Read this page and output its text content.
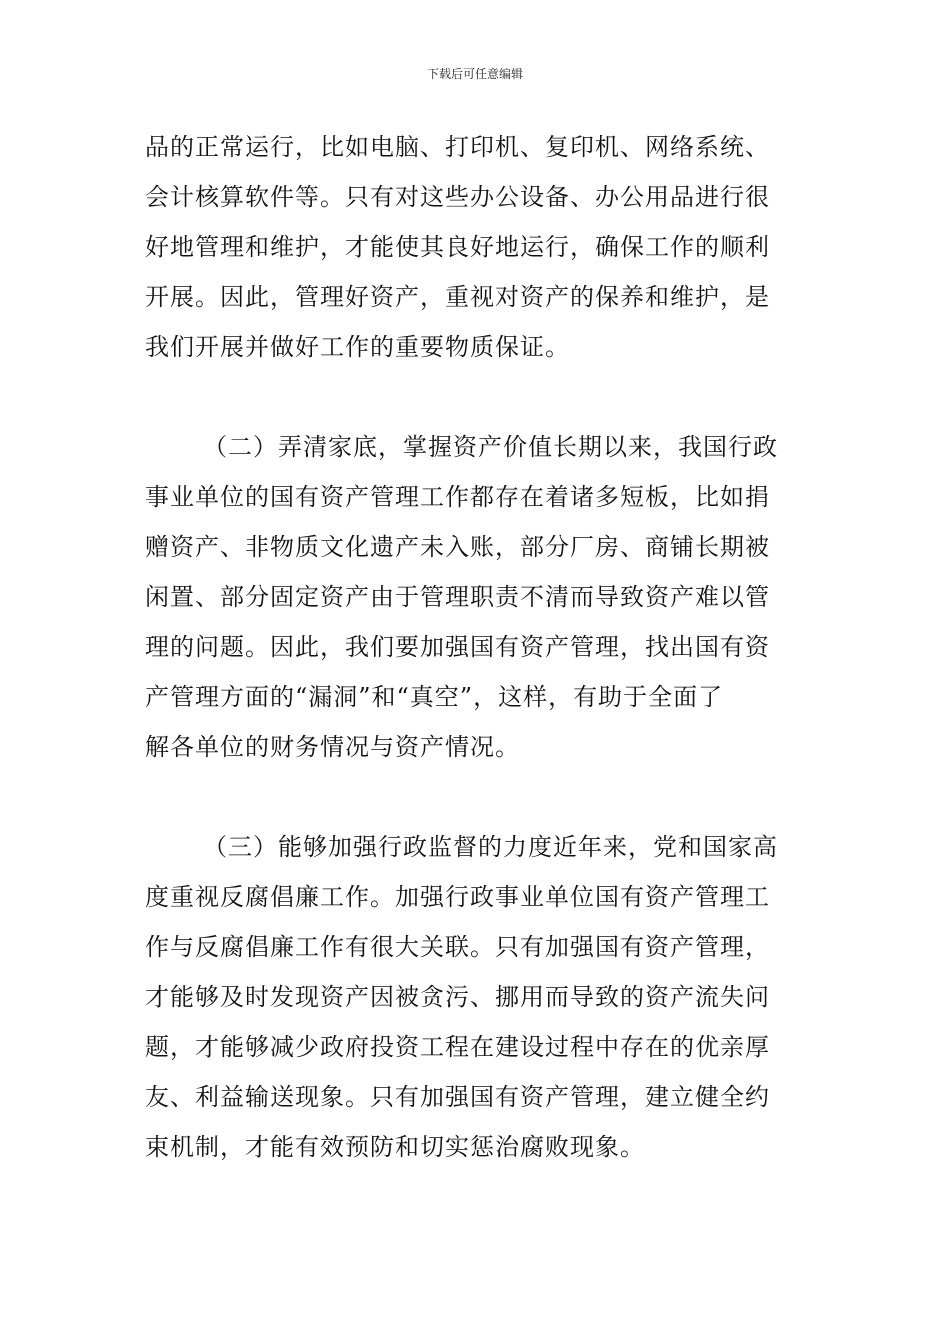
下载后可任意编辑
品的正常运行，比如电脑、打印机、复印机、网络系统、
会计核算软件等。只有对这些办公设备、办公用品进行很
好地管理和维护，才能使其良好地运行，确保工作的顺利
开展。因此，管理好资产，重视对资产的保养和维护，是
我们开展并做好工作的重要物质保证。
（二）弄清家底，掌握资产价值长期以来，我国行政
事业单位的国有资产管理工作都存在着诸多短板，比如捐
赠资产、非物质文化遗产未入账，部分厂房、商铺长期被
闲置、部分固定资产由于管理职责不清而导致资产难以管
理的问题。因此，我们要加强国有资产管理，找出国有资
产管理方面的“漏洞”和“真空”，这样，有助于全面了
解各单位的财务情况与资产情况。
（三）能够加强行政监督的力度近年来，党和国家高
度重视反腐倡廉工作。加强行政事业单位国有资产管理工
作与反腐倡廉工作有很大关联。只有加强国有资产管理，
才能够及时发现资产因被贪污、挪用而导致的资产流失问
题，才能够减少政府投资工程在建设过程中存在的优亲厚
友、利益输送现象。只有加强国有资产管理，建立健全约
束机制，才能有效预防和切实惩治腐败现象。
